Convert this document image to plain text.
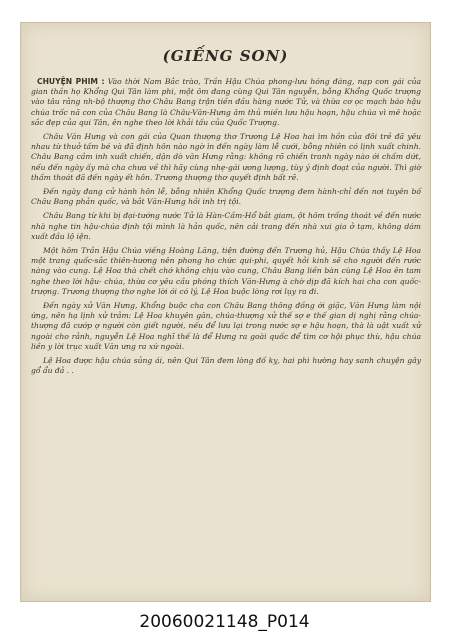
(GIẾNG SON)

CHUYỆN PHIM : Vào thời Nam Bắc trào, Trần Hậu Chúa phong-lưu hóng đáng, nạp con gái của gian thần họ Khổng Qui Tân làm phi, một ôm đang cùng Qui Tân nguyễn, bỗng Khổng Quốc trượng vào tâu rằng nh-bộ thượng thơ Châu Bang trận tiền đầu hàng nước Tử, và thừa cơ ọc mạch báo hậu chúa trốc nã con của Châu Bang là Châu-Văn-Hưng âm thủ miền lưu hậu hoạn, hậu chúa vì mê hoặc sắc đẹp của qui Tân, ên nghe theo lời khải tấu của Quốc Trượng.

Châu Văn Hưng và con gái của Quan thượng thơ Trương Lệ Hoa hai ìm hồn của đôi trẻ đã yêu nhau từ thuở tấm bé và đã định hôn nào ngờ ìn đến ngày làm lễ cưới, bỗng nhiên có lịnh xuất chinh. Châu Bang cầm inh xuất chiến, dặn dò văn Hưng rằng: không rõ chiến tranh ngày nào ới chấm dứt, nếu đến ngày ấy mà cha chưa về thì hãy cùng nhẹ-gái ương lượng, tùy ý định đoạt của người. Thì giờ thấm thoát đã đến ngày ết hôn. Trương thượng thơ quyết định bất rẽ.

Đến ngày đang cử hành hôn lễ, bỗng nhiên Khổng Quốc trượng đem hành-chỉ đến nơi tuyên bố Châu Bang phản quốc, và bắt Văn-Hưng hồi inh trị tội.

Châu Bang từ khi bị đại-tướng nước Tử là Hàn-Cầm-Hổ bắt giam, ột hôm trống thoát về đến nước nhà nghe tin hậu-chúa định tội mình là hản quốc, nên cải trang đến nhà xui gia ở tạm, không dám xuất đầu lộ iện.

Một hôm Trần Hậu Chúa viếng Hoàng Lăng, tiện đường đến Trương hủ, Hậu Chúa thấy Lệ Hoa một trang quốc-sắc thiên-hương nên phong ho chức qui-phi, quyết hỏi kinh sẽ cho người đến rước nàng vào cung. Lệ Hoa thà chết chớ không chịu vào cung, Châu Bang liền bàn cùng Lệ Hoa ên tam nghe theo lời hậu- chúa, thừa cơ yêu cầu phóng thích Văn-Hưng à chờ dịp đã kích hai cha con quốc-trượng. Trương thượng thơ nghe lời ói có lý, Lệ Hoa buộc lòng rơi lụy ra đi.

Đến ngày xử Văn Hưng, Khổng buộc cha con Châu Bang thông đồng ới giặc, Văn Hưng làm nội ứng, nên hạ lịnh xử trảm: Lệ Hoa khuyên găn, chúa-thượng xử thế sợ e thế gian dị nghị rằng chúa-thượng đã cướp ợ người còn giết người, nếu để lưu lại trong nước sợ e hậu hoạn, thà là uật xuất xử ngoài cho rảnh, nguyễn Lệ Hoa nghĩ thế là để Hưng ra goài quốc để tìm cơ hội phục thù, hậu chúa liền y lời trục xuất Văn ưng ra xứ ngoài.

Lệ Hoa được hậu chúa sủng ái, nên Qui Tân đem lòng đố kỵ, hai phi hường hay sanh chuyện gây gổ ẩu đả . .

20060021148_P014
